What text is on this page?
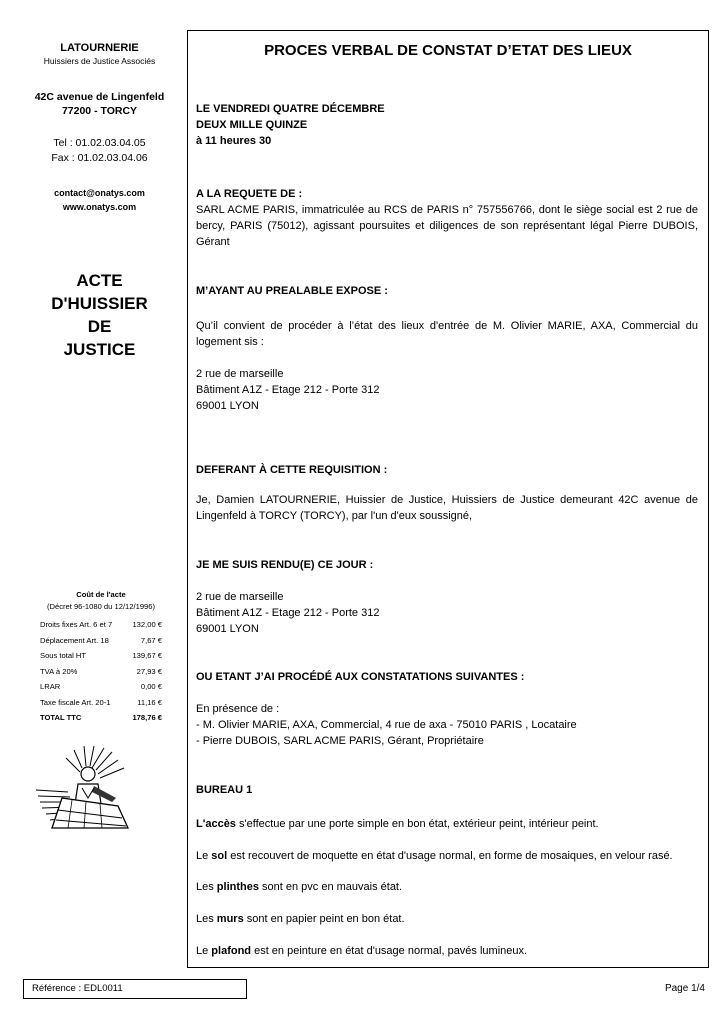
LATOURNERIE
Huissiers de Justice Associés
42C avenue de Lingenfeld
77200 - TORCY
Tel : 01.02.03.04.05
Fax : 01.02.03.04.06
contact@onatys.com
www.onatys.com
ACTE
D'HUISSIER
DE
JUSTICE
Coût de l'acte
(Décret 96-1080 du 12/12/1996)
Droits fixes Art. 6 et 7	132,00 €
Déplacement Art. 18	7,67 €
Sous total HT	139,67 €
TVA à 20%	27,93 €
LRAR	0,00 €
Taxe fiscale Art. 20-1	11,16 €
TOTAL TTC	178,76 €
PROCES VERBAL DE CONSTAT D’ETAT DES LIEUX
LE VENDREDI QUATRE DÉCEMBRE
DEUX MILLE QUINZE
à 11 heures 30
A LA REQUETE DE :
SARL ACME PARIS, immatriculée au RCS de PARIS n° 757556766, dont le siège social est 2 rue de bercy, PARIS (75012), agissant poursuites et diligences de son représentant légal Pierre DUBOIS, Gérant
M’AYANT AU PREALABLE EXPOSE :
Qu’il convient de procéder à l’état des lieux d'entrée de M. Olivier MARIE, AXA, Commercial du logement sis :
2 rue de marseille
Bâtiment A1Z - Etage 212 - Porte 312
69001 LYON
DEFERANT À CETTE REQUISITION :
Je, Damien LATOURNERIE, Huissier de Justice, Huissiers de Justice demeurant 42C avenue de Lingenfeld à TORCY (TORCY), par l'un d'eux soussigné,
JE ME SUIS RENDU(E) CE JOUR :
2 rue de marseille
Bâtiment A1Z - Etage 212 - Porte 312
69001 LYON
OU ETANT J’AI PROCÉDÉ AUX CONSTATATIONS SUIVANTES :
En présence de :
- M. Olivier MARIE, AXA, Commercial, 4 rue de axa - 75010 PARIS , Locataire
- Pierre DUBOIS, SARL ACME PARIS, Gérant, Propriétaire
BUREAU 1
L'accès s'effectue par une porte simple en bon état, extérieur peint, intérieur peint.
Le sol est recouvert de moquette en état d'usage normal, en forme de mosaiques, en velour rasé.
Les plinthes sont en pvc en mauvais état.
Les murs sont en papier peint en bon état.
Le plafond est en peinture en état d'usage normal, pavés lumineux.
Référence : EDL0011	Page 1/4
